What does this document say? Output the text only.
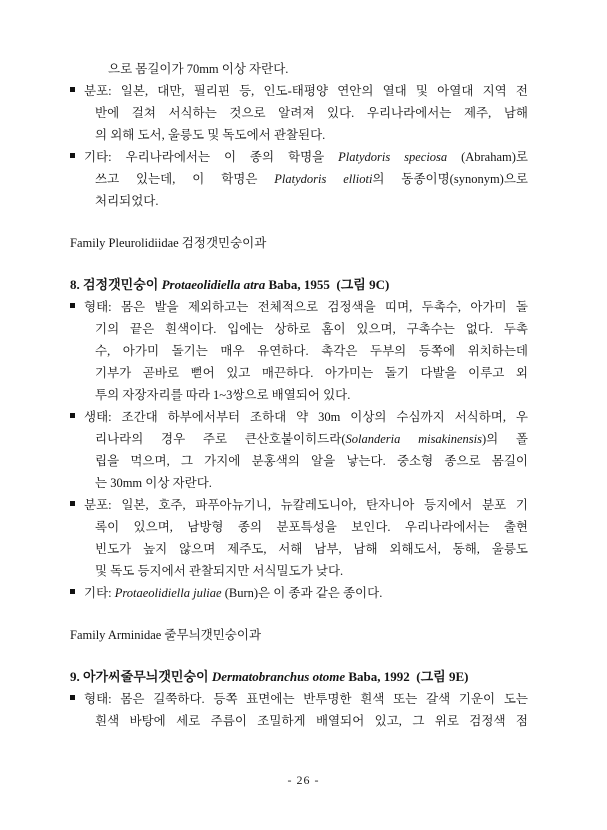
으로 몸길이가 70mm 이상 자란다.
분포: 일본, 대만, 필리핀 등, 인도-태평양 연안의 열대 및 아열대 지역 전
반에 걸쳐 서식하는 것으로 알려져 있다. 우리나라에서는 제주, 남해
의 외해 도서, 울릉도 및 독도에서 관찰된다.
기타: 우리나라에서는 이 종의 학명을 Platydoris speciosa (Abraham)로
쓰고 있는데, 이 학명은 Platydoris ellioti의 동종이명(synonym)으로
처리되었다.
Family Pleurolidiidae 검정갯민숭이과
8. 검정갯민숭이 Protaeolidiella atra Baba, 1955  (그림 9C)
형태: 몸은 발을 제외하고는 전체적으로 검정색을 띠며, 두촉수, 아가미 돌
기의 끝은 흰색이다. 입에는 상하로 홈이 있으며, 구촉수는 없다. 두촉
수, 아가미 돌기는 매우 유연하다. 촉각은 두부의 등쪽에 위치하는데
기부가 곧바로 뻗어 있고 매끈하다. 아가미는 돌기 다발을 이루고 외
투의 자장자리를 따라 1~3쌍으로 배열되어 있다.
생태: 조간대 하부에서부터 조하대 약 30m 이상의 수심까지 서식하며, 우
리나라의 경우 주로 큰산호붙이히드라(Solanderia misakinensis)의 폴
립을 먹으며, 그 가지에 분홍색의 알을 낳는다. 중소형 종으로 몸길이
는 30mm 이상 자란다.
분포: 일본, 호주, 파푸아뉴기니, 뉴칼레도니아, 탄자니아 등지에서 분포 기
록이 있으며, 남방형 종의 분포특성을 보인다. 우리나라에서는 출현
빈도가 높지 않으며 제주도, 서해 남부, 남해 외해도서, 동해, 울릉도
및 독도 등지에서 관찰되지만 서식밀도가 낮다.
기타: Protaeolidiella juliae (Burn)은 이 종과 같은 종이다.
Family Arminidae 줄무늬갯민숭이과
9. 아가씨줄무늬갯민숭이 Dermatobranchus otome Baba, 1992  (그림 9E)
형태: 몸은 길쭉하다. 등쪽 표면에는 반투명한 흰색 또는 갈색 기운이 도는
흰색 바탕에 세로 주름이 조밀하게 배열되어 있고, 그 위로 검정색 점
- 26 -
